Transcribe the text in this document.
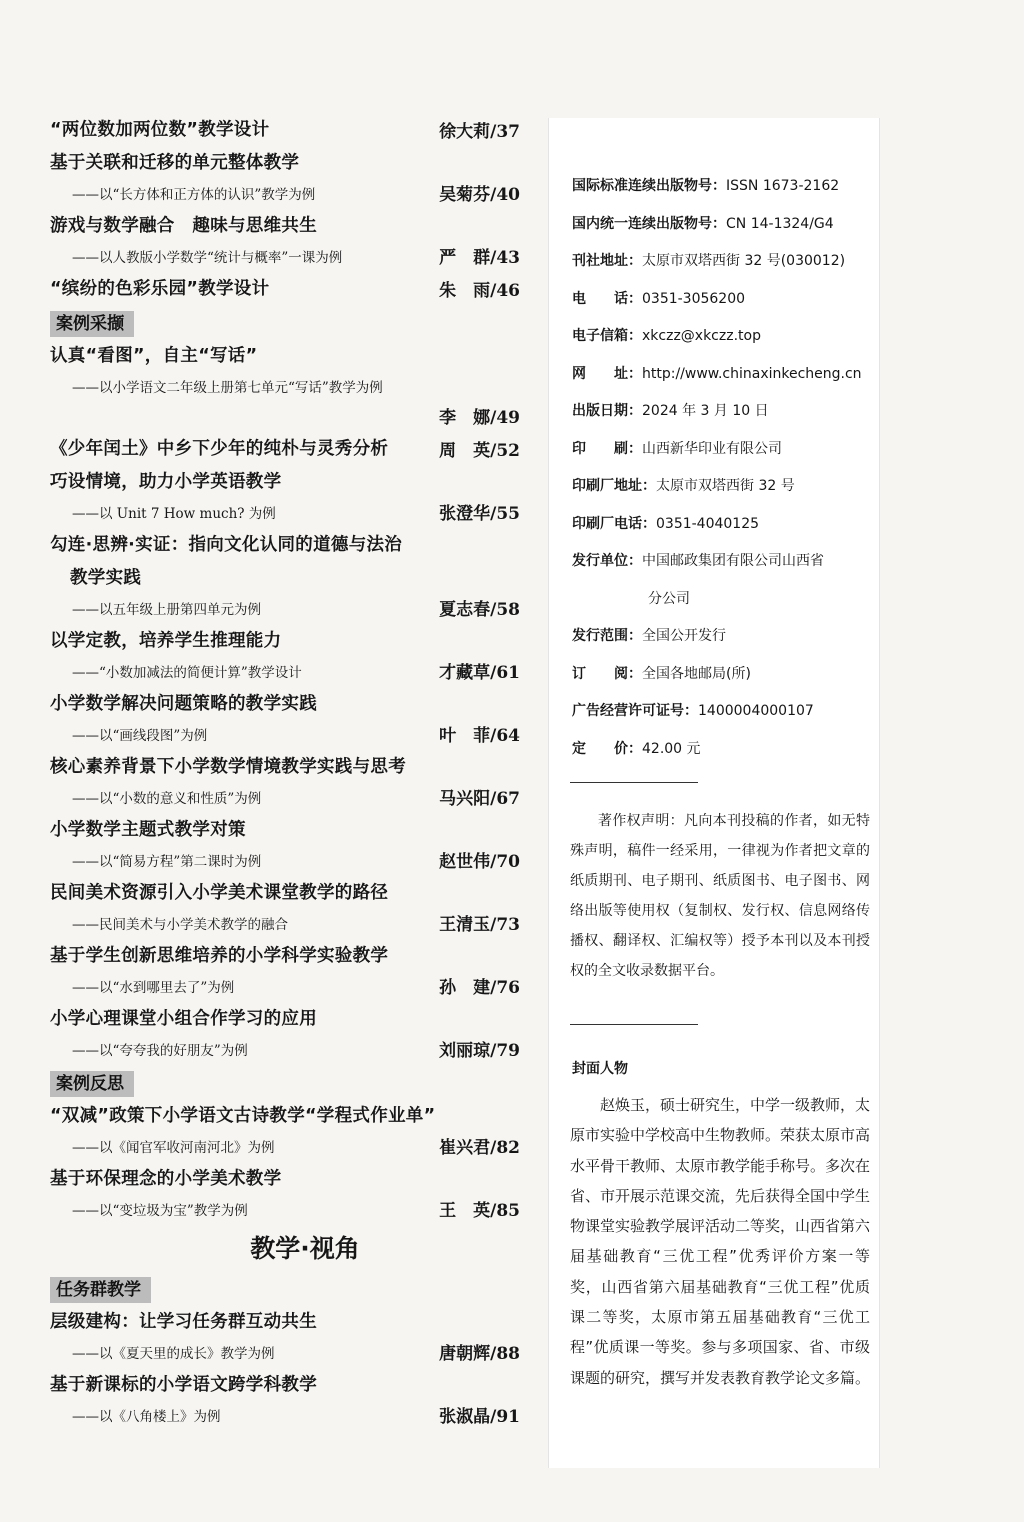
“两位数加两位数”教学设计	徐大莉/37
基于关联和迁移的单元整体教学
——以“长方体和正方体的认识”教学为例	吴菊芬/40
游戏与数学融合　趣味与思维共生
——以人教版小学数学“统计与概率”一课为例	严　群/43
“缤纷的色彩乐园”教学设计	朱　雨/46
案例采撷
认真“看图”，自主“写话”
——以小学语文二年级上册第七单元“写话”教学为例
李　娜/49
《少年闰土》中乡下少年的纯朴与灵秀分析	周　英/52
巧设情境，助力小学英语教学
——以 Unit 7 How much? 为例	张澄华/55
勾连·思辨·实证：指向文化认同的道德与法治
教学实践
——以五年级上册第四单元为例	夏志春/58
以学定教，培养学生推理能力
——“小数加减法的简便计算”教学设计	才藏草/61
小学数学解决问题策略的教学实践
——以“画线段图”为例	叶　菲/64
核心素养背景下小学数学情境教学实践与思考
——以“小数的意义和性质”为例	马兴阳/67
小学数学主题式教学对策
——以“简易方程”第二课时为例	赵世伟/70
民间美术资源引入小学美术课堂教学的路径
——民间美术与小学美术教学的融合	王清玉/73
基于学生创新思维培养的小学科学实验教学
——以“水到哪里去了”为例	孙　建/76
小学心理课堂小组合作学习的应用
——以“夸夸我的好朋友”为例	刘丽琼/79
案例反思
“双减”政策下小学语文古诗教学“学程式作业单”
——以《闻官军收河南河北》为例	崔兴君/82
基于环保理念的小学美术教学
——以“变垃圾为宝”教学为例	王　英/85
教学·视角
任务群教学
层级建构：让学习任务群互动共生
——以《夏天里的成长》教学为例	唐朝辉/88
基于新课标的小学语文跨学科教学
——以《八角楼上》为例	张淑晶/91
国际标准连续出版物号：ISSN 1673-2162
国内统一连续出版物号：CN 14-1324/G4
刊社地址：太原市双塔西街 32 号(030012)
电　　话：0351-3056200
电子信箱：xkczz@xkczz.top
网　　址：http://www.chinaxinkecheng.cn
出版日期：2024 年 3 月 10 日
印　　刷：山西新华印业有限公司
印刷厂地址：太原市双塔西街 32 号
印刷厂电话：0351-4040125
发行单位：中国邮政集团有限公司山西省
分公司
发行范围：全国公开发行
订　　阅：全国各地邮局(所)
广告经营许可证号：1400004000107
定　　价：42.00 元
著作权声明：凡向本刊投稿的作者，如无特殊声明，稿件一经采用，一律视为作者把文章的纸质期刊、电子期刊、纸质图书、电子图书、网络出版等使用权（复制权、发行权、信息网络传播权、翻译权、汇编权等）授予本刊以及本刊授权的全文收录数据平台。
封面人物
赵焕玉，硕士研究生，中学一级教师，太原市实验中学校高中生物教师。荣获太原市高水平骨干教师、太原市教学能手称号。多次在省、市开展示范课交流，先后获得全国中学生物课堂实验教学展评活动二等奖，山西省第六届基础教育“三优工程”优秀评价方案一等奖，山西省第六届基础教育“三优工程”优质课二等奖，太原市第五届基础教育“三优工程”优质课一等奖。参与多项国家、省、市级课题的研究，撰写并发表教育教学论文多篇。
